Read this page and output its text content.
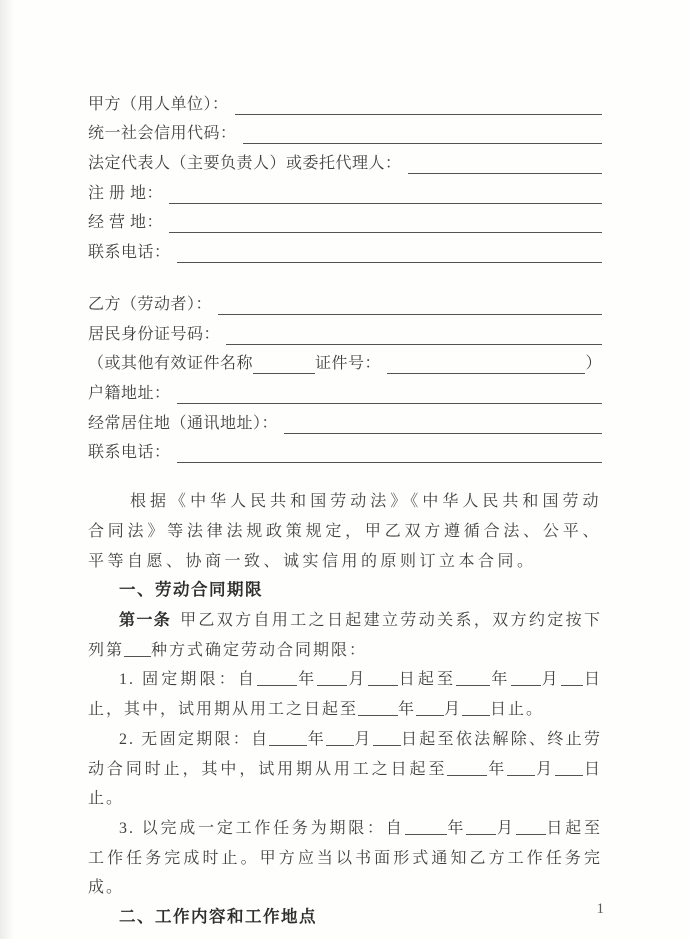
甲方（用人单位）：
统一社会信用代码：
法定代表人（主要负责人）或委托代理人：
注 册 地：
经 营 地：
联系电话：
乙方（劳动者）：
居民身份证号码：
（或其他有效证件名称	证件号：	）
户籍地址：
经常居住地（通讯地址）：
联系电话：

根据《中华人民共和国劳动法》《中华人民共和国劳动合同法》等法律法规政策规定，甲乙双方遵循合法、公平、平等自愿、协商一致、诚实信用的原则订立本合同。

一、劳动合同期限

第一条 甲乙双方自用工之日起建立劳动关系，双方约定按下列第 种方式确定劳动合同期限：

1. 固定期限：自	年 月 日起至 年 月 日止，其中，试用期从用工之日起至	年 月 日止。

2. 无固定期限：自 年 月 日起至依法解除、终止劳动合同时止，其中，试用期从用工之日起至	年 月 日止。

3. 以完成一定工作任务为期限：自	年 月 日起至工作任务完成时止。甲方应当以书面形式通知乙方工作任务完成。

二、工作内容和工作地点	1
